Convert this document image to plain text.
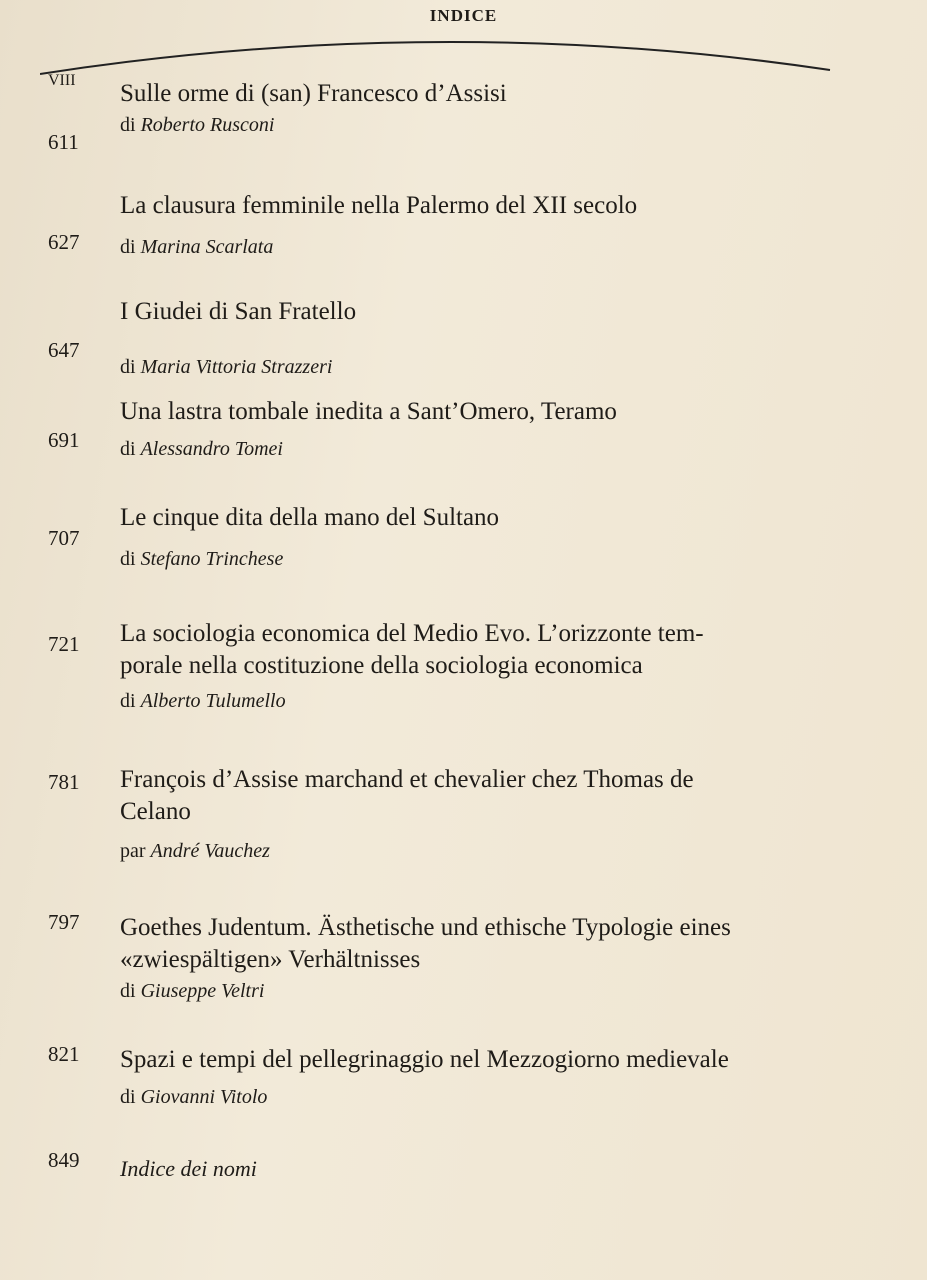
INDICE
VIII
611
Sulle orme di (san) Francesco d’Assisi
di Roberto Rusconi
627
La clausura femminile nella Palermo del XII secolo
di Marina Scarlata
647
I Giudei di San Fratello
di Maria Vittoria Strazzeri
691
Una lastra tombale inedita a Sant’Omero, Teramo
di Alessandro Tomei
707
Le cinque dita della mano del Sultano
di Stefano Trinchese
721 La sociologia economica del Medio Evo. L’orizzonte tem-
porale nella costituzione della sociologia economica
di Alberto Tulumello
781 François d’Assise marchand et chevalier chez Thomas de
Celano
par André Vauchez
797 Goethes Judentum. Ästhetische und ethische Typologie eines
«zwiespältigen» Verhältnisses
di Giuseppe Veltri
821 Spazi e tempi del pellegrinaggio nel Mezzogiorno medievale
di Giovanni Vitolo
849 Indice dei nomi
